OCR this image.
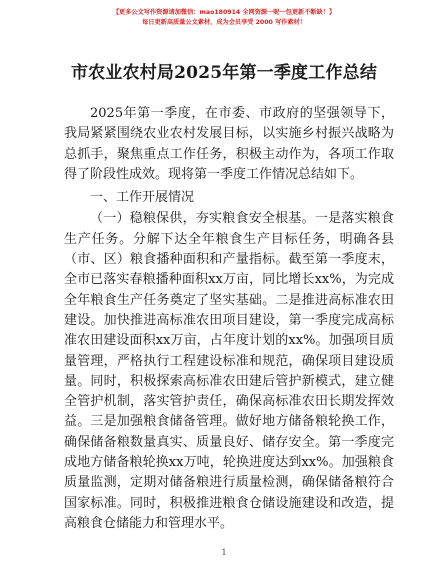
【更多公文写作资源请加微信：mao180914 全网资源一呢一包更新不断缺！】
每日更新高质量公文素材，成为会员享受 2000 写作素材！
市农业农村局2025年第一季度工作总结

2025年第一季度，在市委、市政府的坚强领导下，我局紧紧围绕农业农村发展目标，以实施乡村振兴战略为总抓手，聚焦重点工作任务，积极主动作为，各项工作取得了阶段性成效。现将第一季度工作情况总结如下。

一、工作开展情况

（一）稳粮保供，夯实粮食安全根基。一是落实粮食生产任务。分解下达全年粮食生产目标任务，明确各县（市、区）粮食播种面积和产量指标。截至第一季度末，全市已落实春粮播种面积xx万亩，同比增长xx%，为完成全年粮食生产任务奠定了坚实基础。二是推进高标准农田建设。加快推进高标准农田项目建设，第一季度完成高标准农田建设面积xx万亩，占年度计划的xx%。加强项目质量管理，严格执行工程建设标准和规范，确保项目建设质量。同时，积极探索高标准农田建后管护新模式，建立健全管护机制，落实管护责任，确保高标准农田长期发挥效益。三是加强粮食储备管理。做好地方储备粮轮换工作，确保储备粮数量真实、质量良好、储存安全。第一季度完成地方储备粮轮换xx万吨，轮换进度达到xx%。加强粮食质量监测，定期对储备粮进行质量检测，确保储备粮符合国家标准。同时，积极推进粮食仓储设施建设和改造，提高粮食仓储能力和管理水平。

1
